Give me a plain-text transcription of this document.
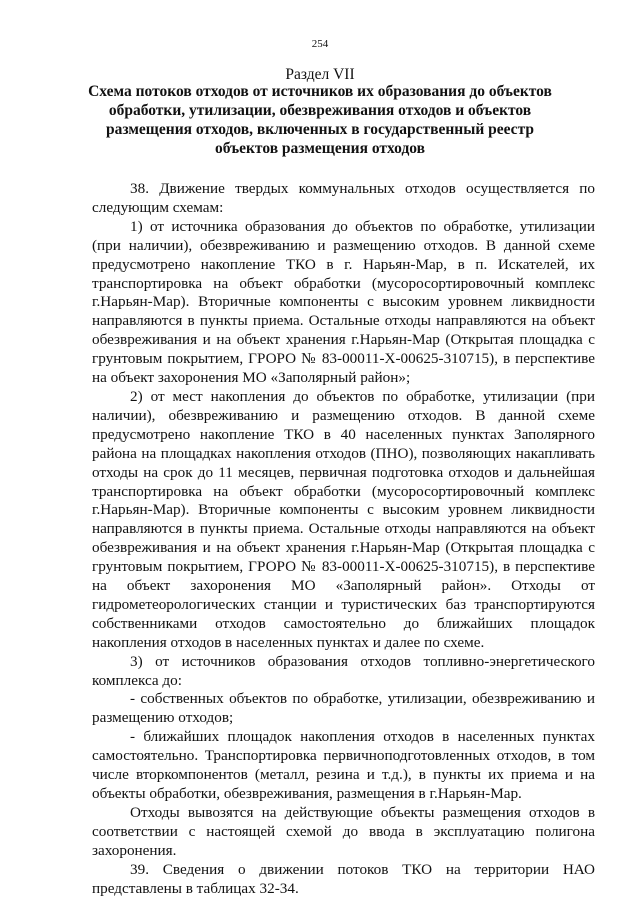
254
Раздел VII
Схема потоков отходов от источников их образования до объектов обработки, утилизации, обезвреживания отходов и объектов размещения отходов, включенных в государственный реестр объектов размещения отходов

38. Движение твердых коммунальных отходов осуществляется по следующим схемам:

1) от источника образования до объектов по обработке, утилизации (при наличии), обезвреживанию и размещению отходов. В данной схеме предусмотрено накопление ТКО в г. Нарьян-Мар, в п. Искателей, их транспортировка на объект обработки (мусоросортировочный комплекс г.Нарьян-Мар). Вторичные компоненты с высоким уровнем ликвидности направляются в пункты приема. Остальные отходы направляются на объект обезвреживания и на объект хранения г.Нарьян-Мар (Открытая площадка с грунтовым покрытием, ГРОРО № 83-00011-Х-00625-310715), в перспективе на объект захоронения МО «Заполярный район»;

2) от мест накопления до объектов по обработке, утилизации (при наличии), обезвреживанию и размещению отходов. В данной схеме предусмотрено накопление ТКО в 40 населенных пунктах Заполярного района на площадках накопления отходов (ПНО), позволяющих накапливать отходы на срок до 11 месяцев, первичная подготовка отходов и дальнейшая транспортировка на объект обработки (мусоросортировочный комплекс г.Нарьян-Мар). Вторичные компоненты с высоким уровнем ликвидности направляются в пункты приема. Остальные отходы направляются на объект обезвреживания и на объект хранения г.Нарьян-Мар (Открытая площадка с грунтовым покрытием, ГРОРО № 83-00011-Х-00625-310715), в перспективе на объект захоронения МО «Заполярный район». Отходы от гидрометеорологических станции и туристических баз транспортируются собственниками отходов самостоятельно до ближайших площадок накопления отходов в населенных пунктах и далее по схеме.

3) от источников образования отходов топливно-энергетического комплекса до:

- собственных объектов по обработке, утилизации, обезвреживанию и размещению отходов;

- ближайших площадок накопления отходов в населенных пунктах самостоятельно. Транспортировка первичноподготовленных отходов, в том числе вторкомпонентов (металл, резина и т.д.), в пункты их приема и на объекты обработки, обезвреживания, размещения в г.Нарьян-Мар.

Отходы вывозятся на действующие объекты размещения отходов в соответствии с настоящей схемой до ввода в эксплуатацию полигона захоронения.

39. Сведения о движении потоков ТКО на территории НАО представлены в таблицах 32-34.
